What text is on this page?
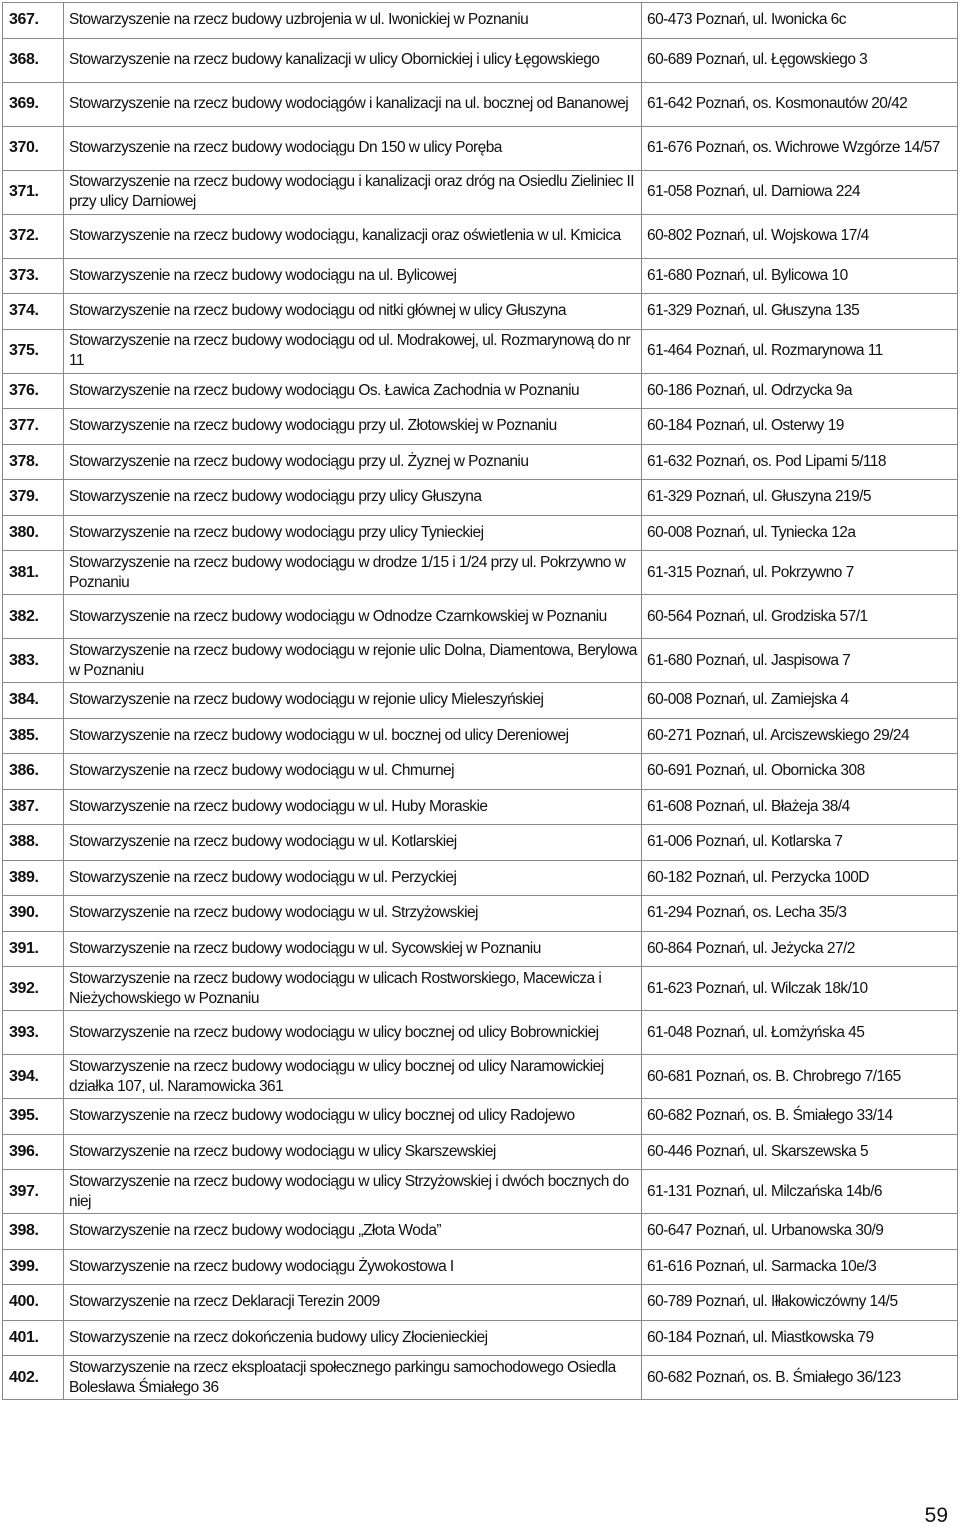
367.	Stowarzyszenie na rzecz budowy uzbrojenia w ul. Iwonickiej w Poznaniu	60-473 Poznań, ul. Iwonicka 6c
368.	Stowarzyszenie na rzecz budowy kanalizacji w ulicy Obornickiej i ulicy Łęgowskiego	60-689 Poznań, ul. Łęgowskiego 3
369.	Stowarzyszenie na rzecz budowy wodociągów i kanalizacji na ul. bocznej od Bananowej	61-642 Poznań, os. Kosmonautów 20/42
370.	Stowarzyszenie na rzecz budowy wodociągu Dn 150 w ulicy Poręba	61-676 Poznań, os. Wichrowe Wzgórze 14/57
371.	Stowarzyszenie na rzecz budowy wodociągu i kanalizacji oraz dróg na Osiedlu Zieliniec II przy ulicy Darniowej	61-058 Poznań, ul. Darniowa 224
372.	Stowarzyszenie na rzecz budowy wodociągu, kanalizacji oraz oświetlenia w ul. Kmicica	60-802 Poznań, ul. Wojskowa 17/4
373.	Stowarzyszenie na rzecz budowy wodociągu na ul. Bylicowej	61-680 Poznań, ul. Bylicowa 10
374.	Stowarzyszenie na rzecz budowy wodociągu od nitki głównej w ulicy Głuszyna	61-329 Poznań, ul. Głuszyna 135
375.	Stowarzyszenie na rzecz budowy wodociągu od ul. Modrakowej, ul. Rozmarynową do nr 11	61-464 Poznań, ul. Rozmarynowa 11
376.	Stowarzyszenie na rzecz budowy wodociągu Os. Ławica Zachodnia w Poznaniu	60-186 Poznań, ul. Odrzycka 9a
377.	Stowarzyszenie na rzecz budowy wodociągu przy ul. Złotowskiej w Poznaniu	60-184 Poznań, ul. Osterwy 19
378.	Stowarzyszenie na rzecz budowy wodociągu przy ul. Żyznej w Poznaniu	61-632 Poznań, os. Pod Lipami 5/118
379.	Stowarzyszenie na rzecz budowy wodociągu przy ulicy Głuszyna	61-329 Poznań, ul. Głuszyna 219/5
380.	Stowarzyszenie na rzecz budowy wodociągu przy ulicy Tynieckiej	60-008 Poznań, ul. Tyniecka 12a
381.	Stowarzyszenie na rzecz budowy wodociągu w drodze 1/15 i 1/24 przy ul. Pokrzywno w Poznaniu	61-315 Poznań, ul. Pokrzywno 7
382.	Stowarzyszenie na rzecz budowy wodociągu w Odnodze Czarnkowskiej w Poznaniu	60-564 Poznań, ul. Grodziska 57/1
383.	Stowarzyszenie na rzecz budowy wodociągu w rejonie ulic Dolna, Diamentowa, Berylowa w Poznaniu	61-680 Poznań, ul. Jaspisowa 7
384.	Stowarzyszenie na rzecz budowy wodociągu w rejonie ulicy Mieleszyńskiej	60-008 Poznań, ul. Zamiejska 4
385.	Stowarzyszenie na rzecz budowy wodociągu w ul. bocznej od ulicy Dereniowej	60-271 Poznań, ul. Arciszewskiego 29/24
386.	Stowarzyszenie na rzecz budowy wodociągu w ul. Chmurnej	60-691 Poznań, ul. Obornicka 308
387.	Stowarzyszenie na rzecz budowy wodociągu w ul. Huby Moraskie	61-608 Poznań, ul. Błażeja 38/4
388.	Stowarzyszenie na rzecz budowy wodociągu w ul. Kotlarskiej	61-006 Poznań, ul. Kotlarska 7
389.	Stowarzyszenie na rzecz budowy wodociągu w ul. Perzyckiej	60-182 Poznań, ul. Perzycka 100D
390.	Stowarzyszenie na rzecz budowy wodociągu w ul. Strzyżowskiej	61-294 Poznań, os. Lecha 35/3
391.	Stowarzyszenie na rzecz budowy wodociągu w ul. Sycowskiej w Poznaniu	60-864 Poznań, ul. Jeżycka 27/2
392.	Stowarzyszenie na rzecz budowy wodociągu w ulicach Rostworskiego, Macewicza i Nieżychowskiego w Poznaniu	61-623 Poznań, ul. Wilczak 18k/10
393.	Stowarzyszenie na rzecz budowy wodociągu w ulicy bocznej od ulicy Bobrownickiej	61-048 Poznań, ul. Łomżyńska 45
394.	Stowarzyszenie na rzecz budowy wodociągu w ulicy bocznej od ulicy Naramowickiej działka 107, ul. Naramowicka 361	60-681 Poznań, os. B. Chrobrego 7/165
395.	Stowarzyszenie na rzecz budowy wodociągu w ulicy bocznej od ulicy Radojewo	60-682 Poznań, os. B. Śmiałego 33/14
396.	Stowarzyszenie na rzecz budowy wodociągu w ulicy Skarszewskiej	60-446 Poznań, ul. Skarszewska 5
397.	Stowarzyszenie na rzecz budowy wodociągu w ulicy Strzyżowskiej i dwóch bocznych do niej	61-131 Poznań, ul. Milczańska 14b/6
398.	Stowarzyszenie na rzecz budowy wodociągu „Złota Woda”	60-647 Poznań, ul. Urbanowska 30/9
399.	Stowarzyszenie na rzecz budowy wodociągu Żywokostowa I	61-616 Poznań, ul. Sarmacka 10e/3
400.	Stowarzyszenie na rzecz Deklaracji Terezin 2009	60-789 Poznań, ul. Iłłakowiczówny 14/5
401.	Stowarzyszenie na rzecz dokończenia budowy ulicy Złocienieckiej	60-184 Poznań, ul. Miastkowska 79
402.	Stowarzyszenie na rzecz eksploatacji społecznego parkingu samochodowego Osiedla Bolesława Śmiałego 36	60-682 Poznań, os. B. Śmiałego 36/123
59
